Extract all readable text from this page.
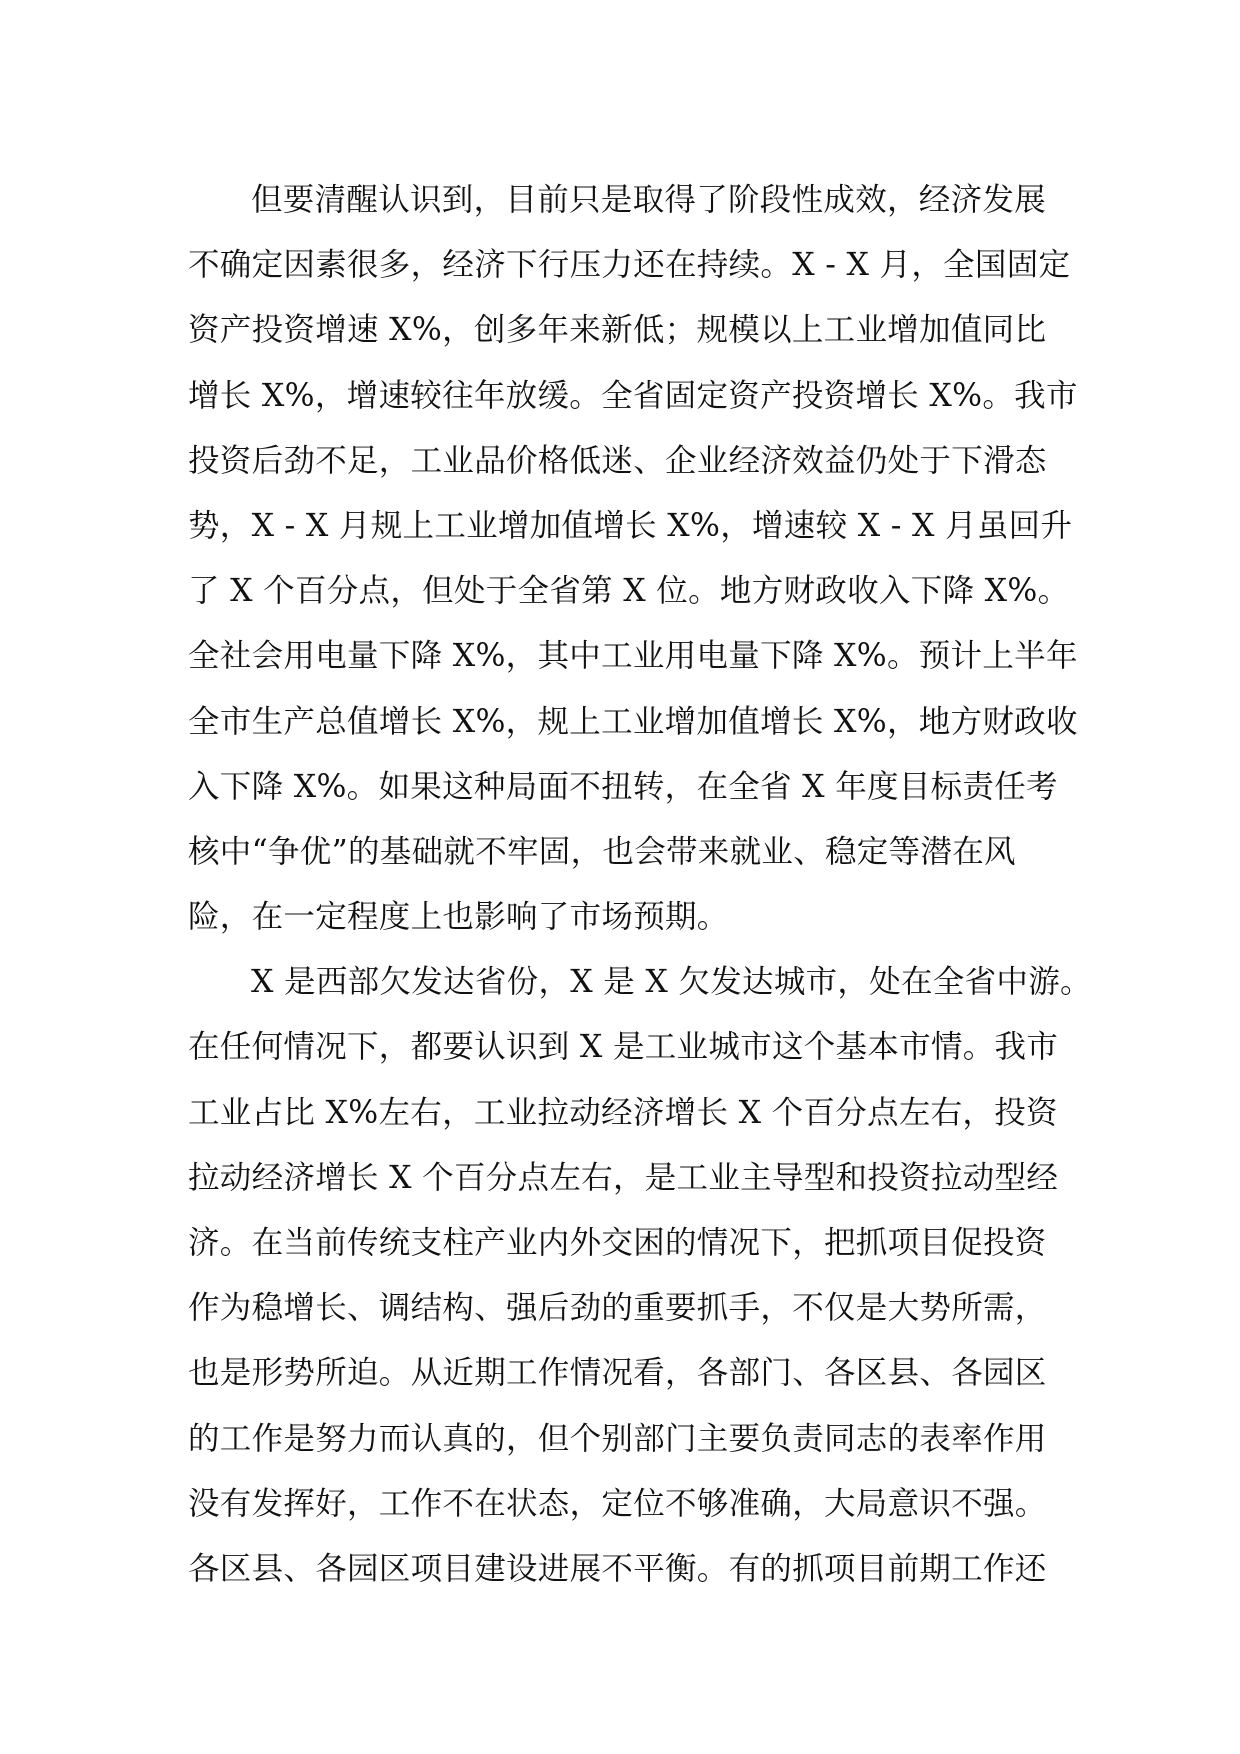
但要清醒认识到，目前只是取得了阶段性成效，经济发展
不确定因素很多，经济下行压力还在持续。X - X 月，全国固定
资产投资增速 X%，创多年来新低；规模以上工业增加值同比
增长 X%，增速较往年放缓。全省固定资产投资增长 X%。我市
投资后劲不足，工业品价格低迷、企业经济效益仍处于下滑态
势，X - X 月规上工业增加值增长 X%，增速较 X - X 月虽回升
了 X 个百分点，但处于全省第 X 位。地方财政收入下降 X%。
全社会用电量下降 X%，其中工业用电量下降 X%。预计上半年
全市生产总值增长 X%，规上工业增加值增长 X%，地方财政收
入下降 X%。如果这种局面不扭转，在全省 X 年度目标责任考
核中“争优”的基础就不牢固，也会带来就业、稳定等潜在风
险，在一定程度上也影响了市场预期。
X 是西部欠发达省份，X 是 X 欠发达城市，处在全省中游。
在任何情况下，都要认识到 X 是工业城市这个基本市情。我市
工业占比 X%左右，工业拉动经济增长 X 个百分点左右，投资
拉动经济增长 X 个百分点左右，是工业主导型和投资拉动型经
济。在当前传统支柱产业内外交困的情况下，把抓项目促投资
作为稳增长、调结构、强后劲的重要抓手，不仅是大势所需，
也是形势所迫。从近期工作情况看，各部门、各区县、各园区
的工作是努力而认真的，但个别部门主要负责同志的表率作用
没有发挥好，工作不在状态，定位不够准确，大局意识不强。
各区县、各园区项目建设进展不平衡。有的抓项目前期工作还
